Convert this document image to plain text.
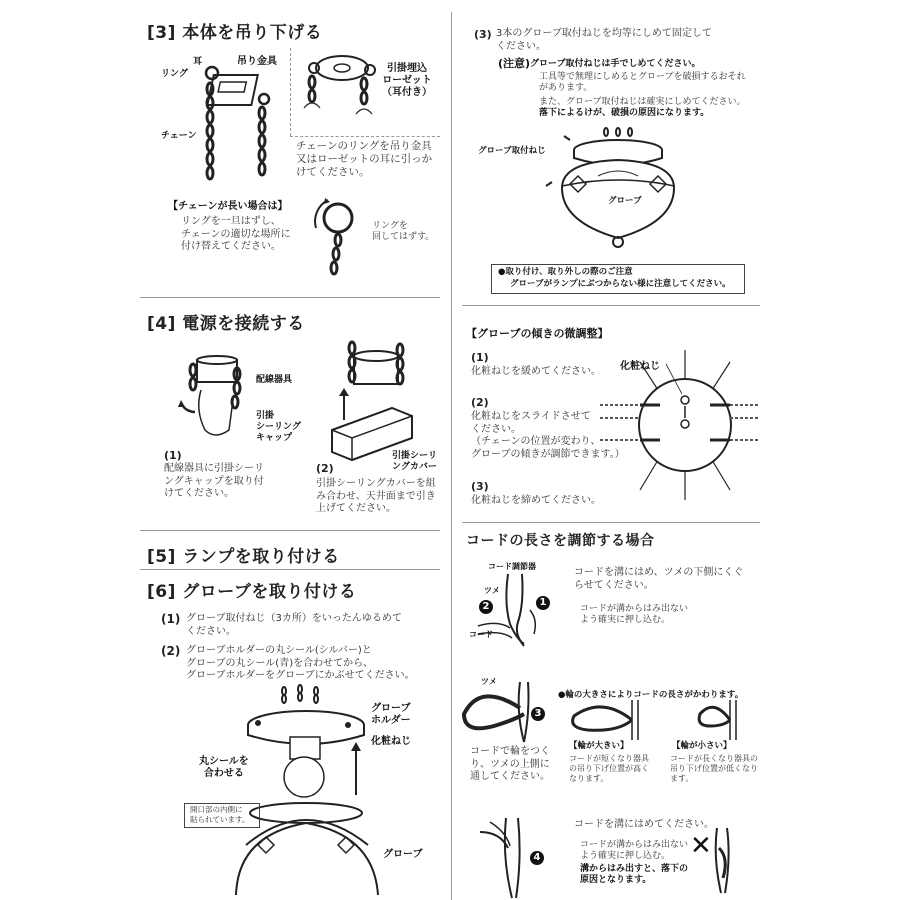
[3] 本体を吊り下げる
耳
リング
吊り金具
チェーン
引掛埋込
ローゼット
（耳付き）
チェーンのリングを吊り金具
又はローゼットの耳に引っか
けてください。
【チェーンが長い場合は】
リングを一旦はずし、
チェーンの適切な場所に
付け替えてください。
リングを
回してはずす。
[4] 電源を接続する
配線器具
引掛
シーリング
キャップ
(1)
配線器具に引掛シーリ
ングキャップを取り付
けてください。
引掛シーリ
ングカバー
(2)
引掛シーリングカバーを組
み合わせ、天井面まで引き
上げてください。
[5] ランプを取り付ける
[6] グローブを取り付ける
(1) グローブ取付ねじ（3カ所）をいったんゆるめて
ください。
(2) グローブホルダーの丸シール(シルバー)と
グローブの丸シール(青)を合わせてから、
グローブホルダーをグローブにかぶせてください。
グローブ
ホルダー
化粧ねじ
丸シールを
合わせる
開口部の内側に
貼られています。
グローブ
(3) 3本のグローブ取付ねじを均等にしめて固定して
ください。
(注意) グローブ取付ねじは手でしめてください。
工具等で無理にしめるとグローブを破損するおそれ
があります。
また、グローブ取付ねじは確実にしめてください。
落下によるけが、破損の原因になります。
グローブ取付ねじ
グローブ
●取り付け、取り外しの際のご注意
グローブがランプにぶつからない様に注意してください。
【グローブの傾きの微調整】
(1)
化粧ねじを緩めてください。
(2)
化粧ねじをスライドさせて
ください。
（チェーンの位置が変わり、
グローブの傾きが調節できます。）
(3)
化粧ねじを締めてください。
化粧ねじ
コードの長さを調節する場合
コード調節器
ツメ
コード
1
2
コードを溝にはめ、ツメの下側にくぐ
らせてください。
コードが溝からはみ出ない
よう確実に押し込む。
ツメ
3
コードで輪をつく
り、ツメの上側に
通してください。
●輪の大きさによりコードの長さがかわります。
【輪が大きい】
コードが短くなり器具
の吊り下げ位置が高く
なります。
【輪が小さい】
コードが長くなり器具の
吊り下げ位置が低くなり
ます。
4
コードを溝にはめてください。
コードが溝からはみ出ない
よう確実に押し込む。
溝からはみ出すと、落下の
原因となります。
✕
